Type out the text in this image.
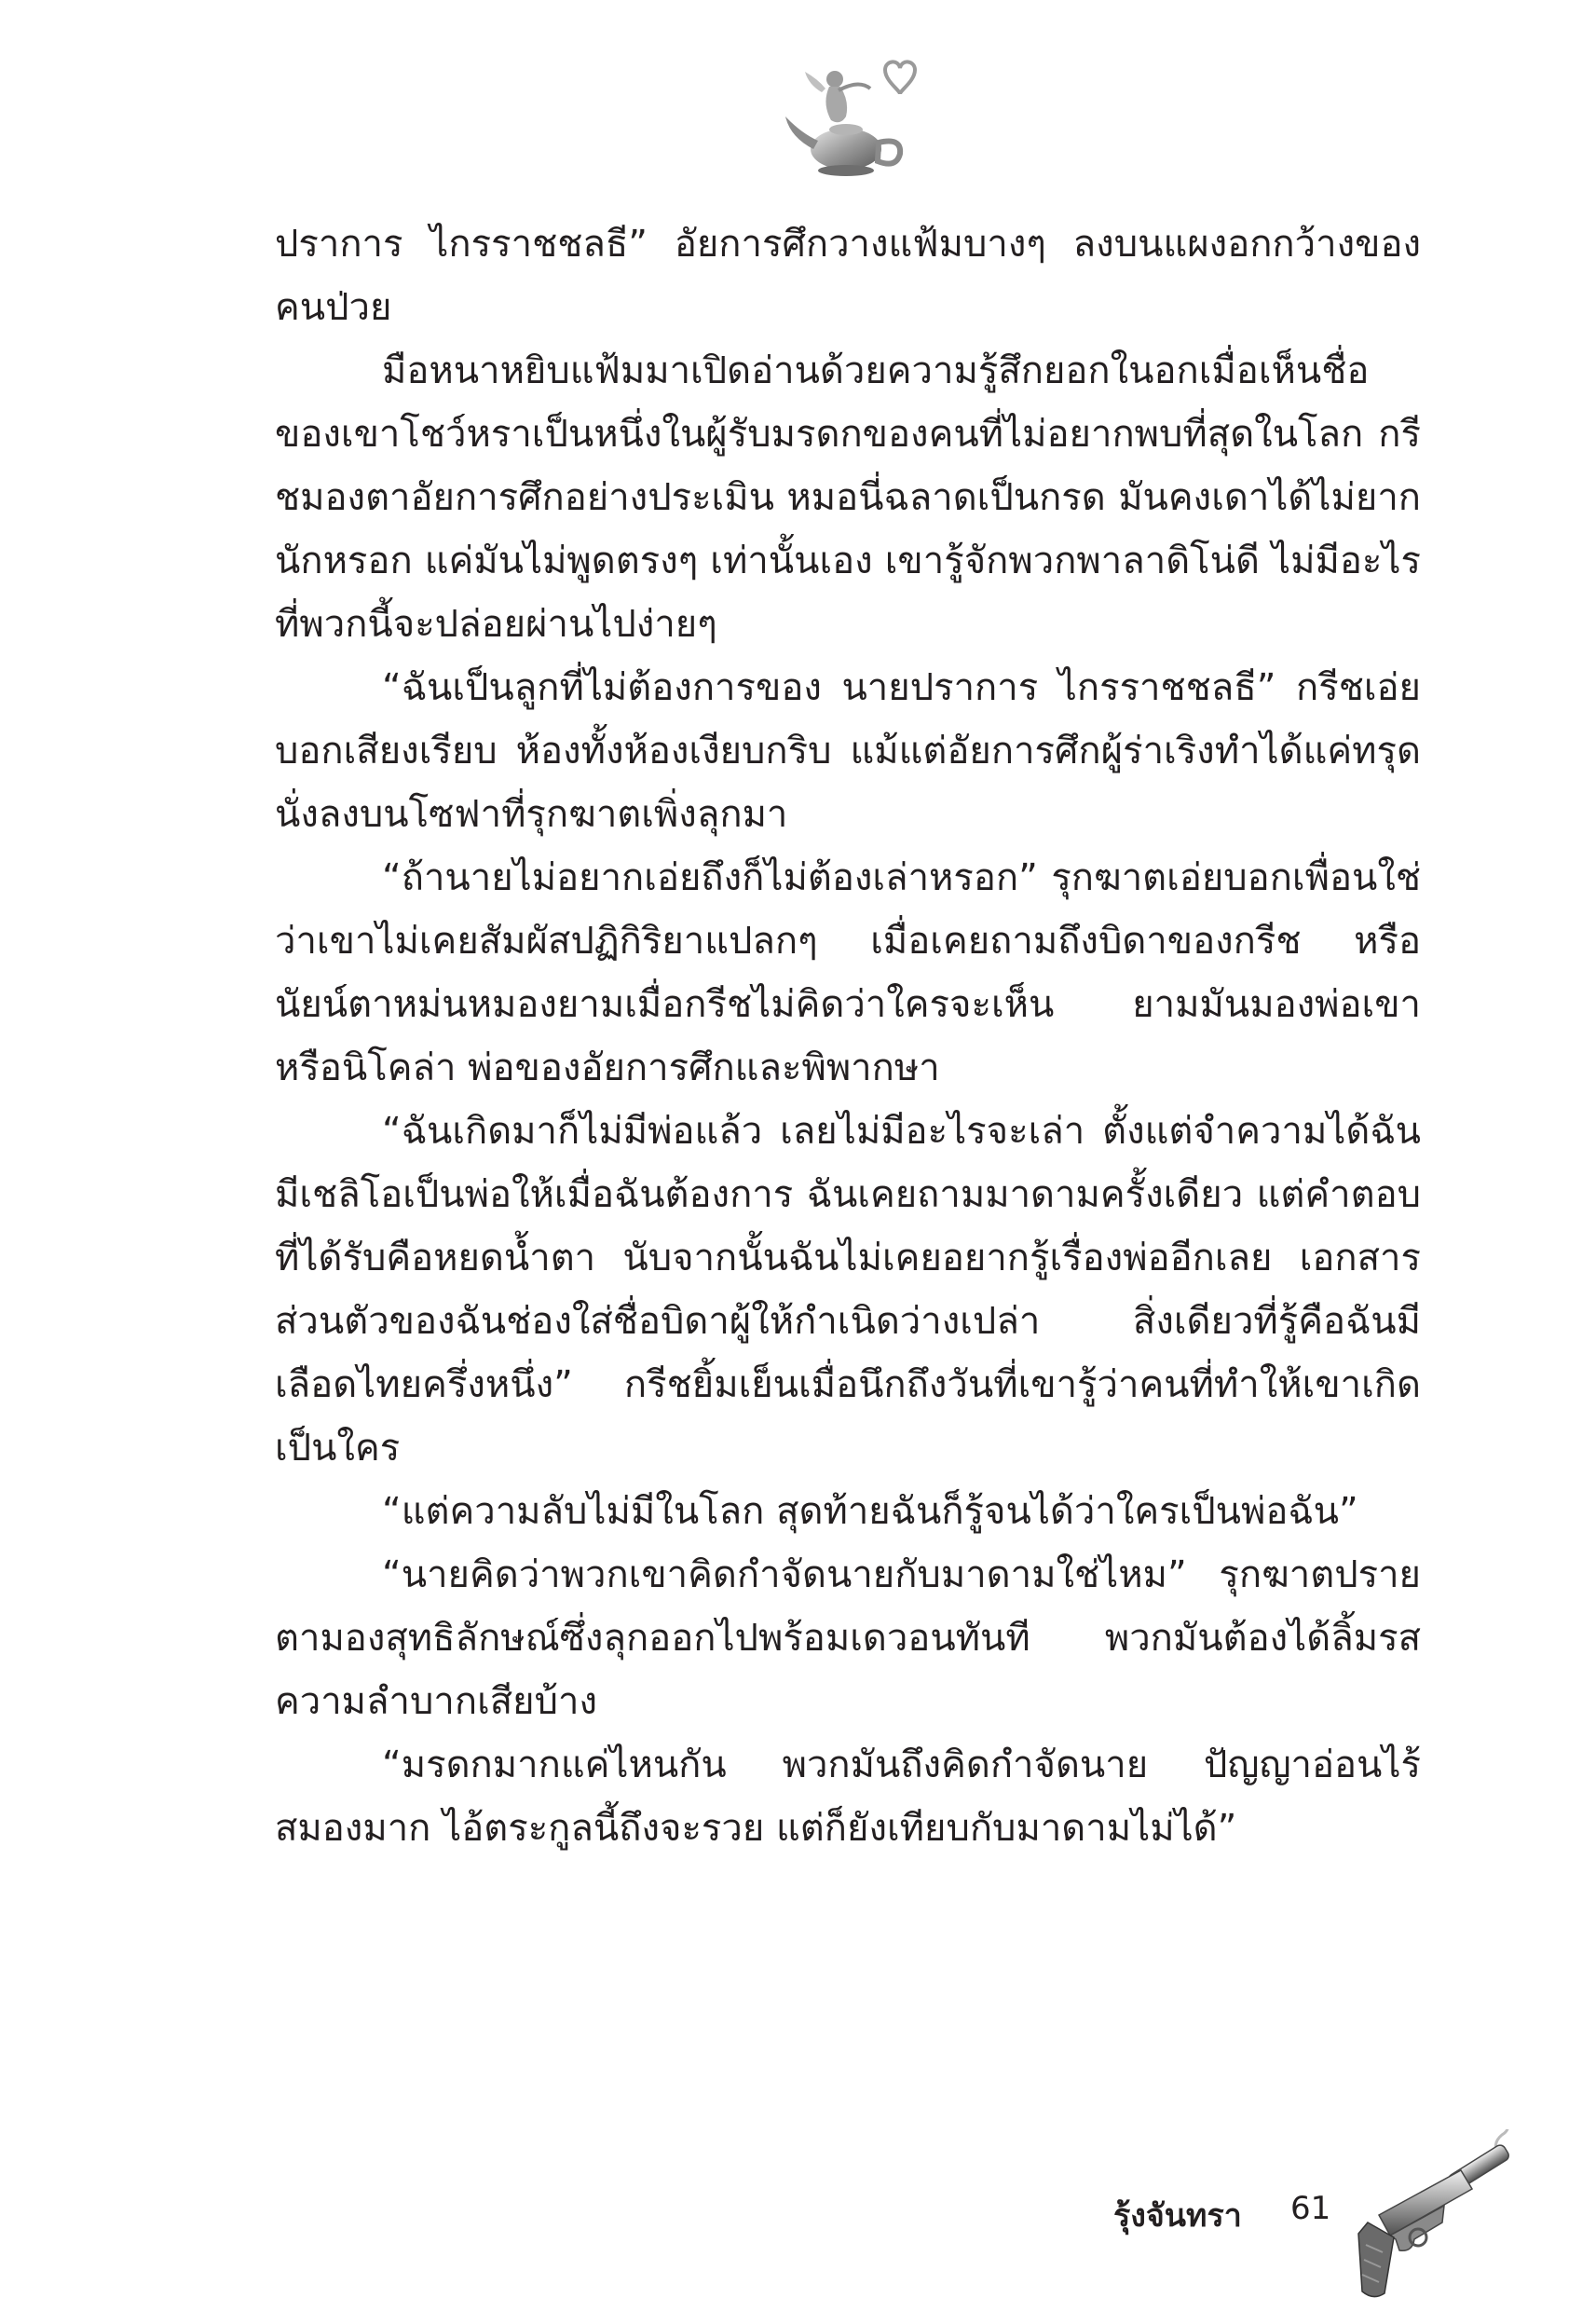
ปราการ ไกรราชชลธี” อัยการศึกวางแฟ้มบางๆ ลงบนแผงอกกว้างของคนป่วย

มือหนาหยิบแฟ้มมาเปิดอ่านด้วยความรู้สึกยอกในอกเมื่อเห็นชื่อของเขาโชว์หราเป็นหนึ่งในผู้รับมรดกของคนที่ไม่อยากพบที่สุดในโลก กรีชมองตาอัยการศึกอย่างประเมิน หมอนี่ฉลาดเป็นกรด มันคงเดาได้ไม่ยากนักหรอก แค่มันไม่พูดตรงๆ เท่านั้นเอง เขารู้จักพวกพาลาดิโน่ดี ไม่มีอะไรที่พวกนี้จะปล่อยผ่านไปง่ายๆ

“ฉันเป็นลูกที่ไม่ต้องการของ นายปราการ ไกรราชชลธี” กรีชเอ่ยบอกเสียงเรียบ ห้องทั้งห้องเงียบกริบ แม้แต่อัยการศึกผู้ร่าเริงทำได้แค่ทรุดนั่งลงบนโซฟาที่รุกฆาตเพิ่งลุกมา

“ถ้านายไม่อยากเอ่ยถึงก็ไม่ต้องเล่าหรอก” รุกฆาตเอ่ยบอกเพื่อนใช่ว่าเขาไม่เคยสัมผัสปฏิกิริยาแปลกๆ เมื่อเคยถามถึงบิดาของกรีช หรือนัยน์ตาหม่นหมองยามเมื่อกรีชไม่คิดว่าใครจะเห็น ยามมันมองพ่อเขาหรือนิโคล่า พ่อของอัยการศึกและพิพากษา

“ฉันเกิดมาก็ไม่มีพ่อแล้ว เลยไม่มีอะไรจะเล่า ตั้งแต่จำความได้ฉันมีเชลิโอเป็นพ่อให้เมื่อฉันต้องการ ฉันเคยถามมาดามครั้งเดียว แต่คำตอบที่ได้รับคือหยดน้ำตา นับจากนั้นฉันไม่เคยอยากรู้เรื่องพ่ออีกเลย เอกสารส่วนตัวของฉันช่องใส่ชื่อบิดาผู้ให้กำเนิดว่างเปล่า สิ่งเดียวที่รู้คือฉันมีเลือดไทยครึ่งหนึ่ง” กรีชยิ้มเย็นเมื่อนึกถึงวันที่เขารู้ว่าคนที่ทำให้เขาเกิดเป็นใคร

“แต่ความลับไม่มีในโลก สุดท้ายฉันก็รู้จนได้ว่าใครเป็นพ่อฉัน”

“นายคิดว่าพวกเขาคิดกำจัดนายกับมาดามใช่ไหม” รุกฆาตปรายตามองสุทธิลักษณ์ซึ่งลุกออกไปพร้อมเดวอนทันที พวกมันต้องได้ลิ้มรสความลำบากเสียบ้าง

“มรดกมากแค่ไหนกัน พวกมันถึงคิดกำจัดนาย ปัญญาอ่อนไร้สมองมาก ไอ้ตระกูลนี้ถึงจะรวย แต่ก็ยังเทียบกับมาดามไม่ได้”

รุ้งจันทรา 61
